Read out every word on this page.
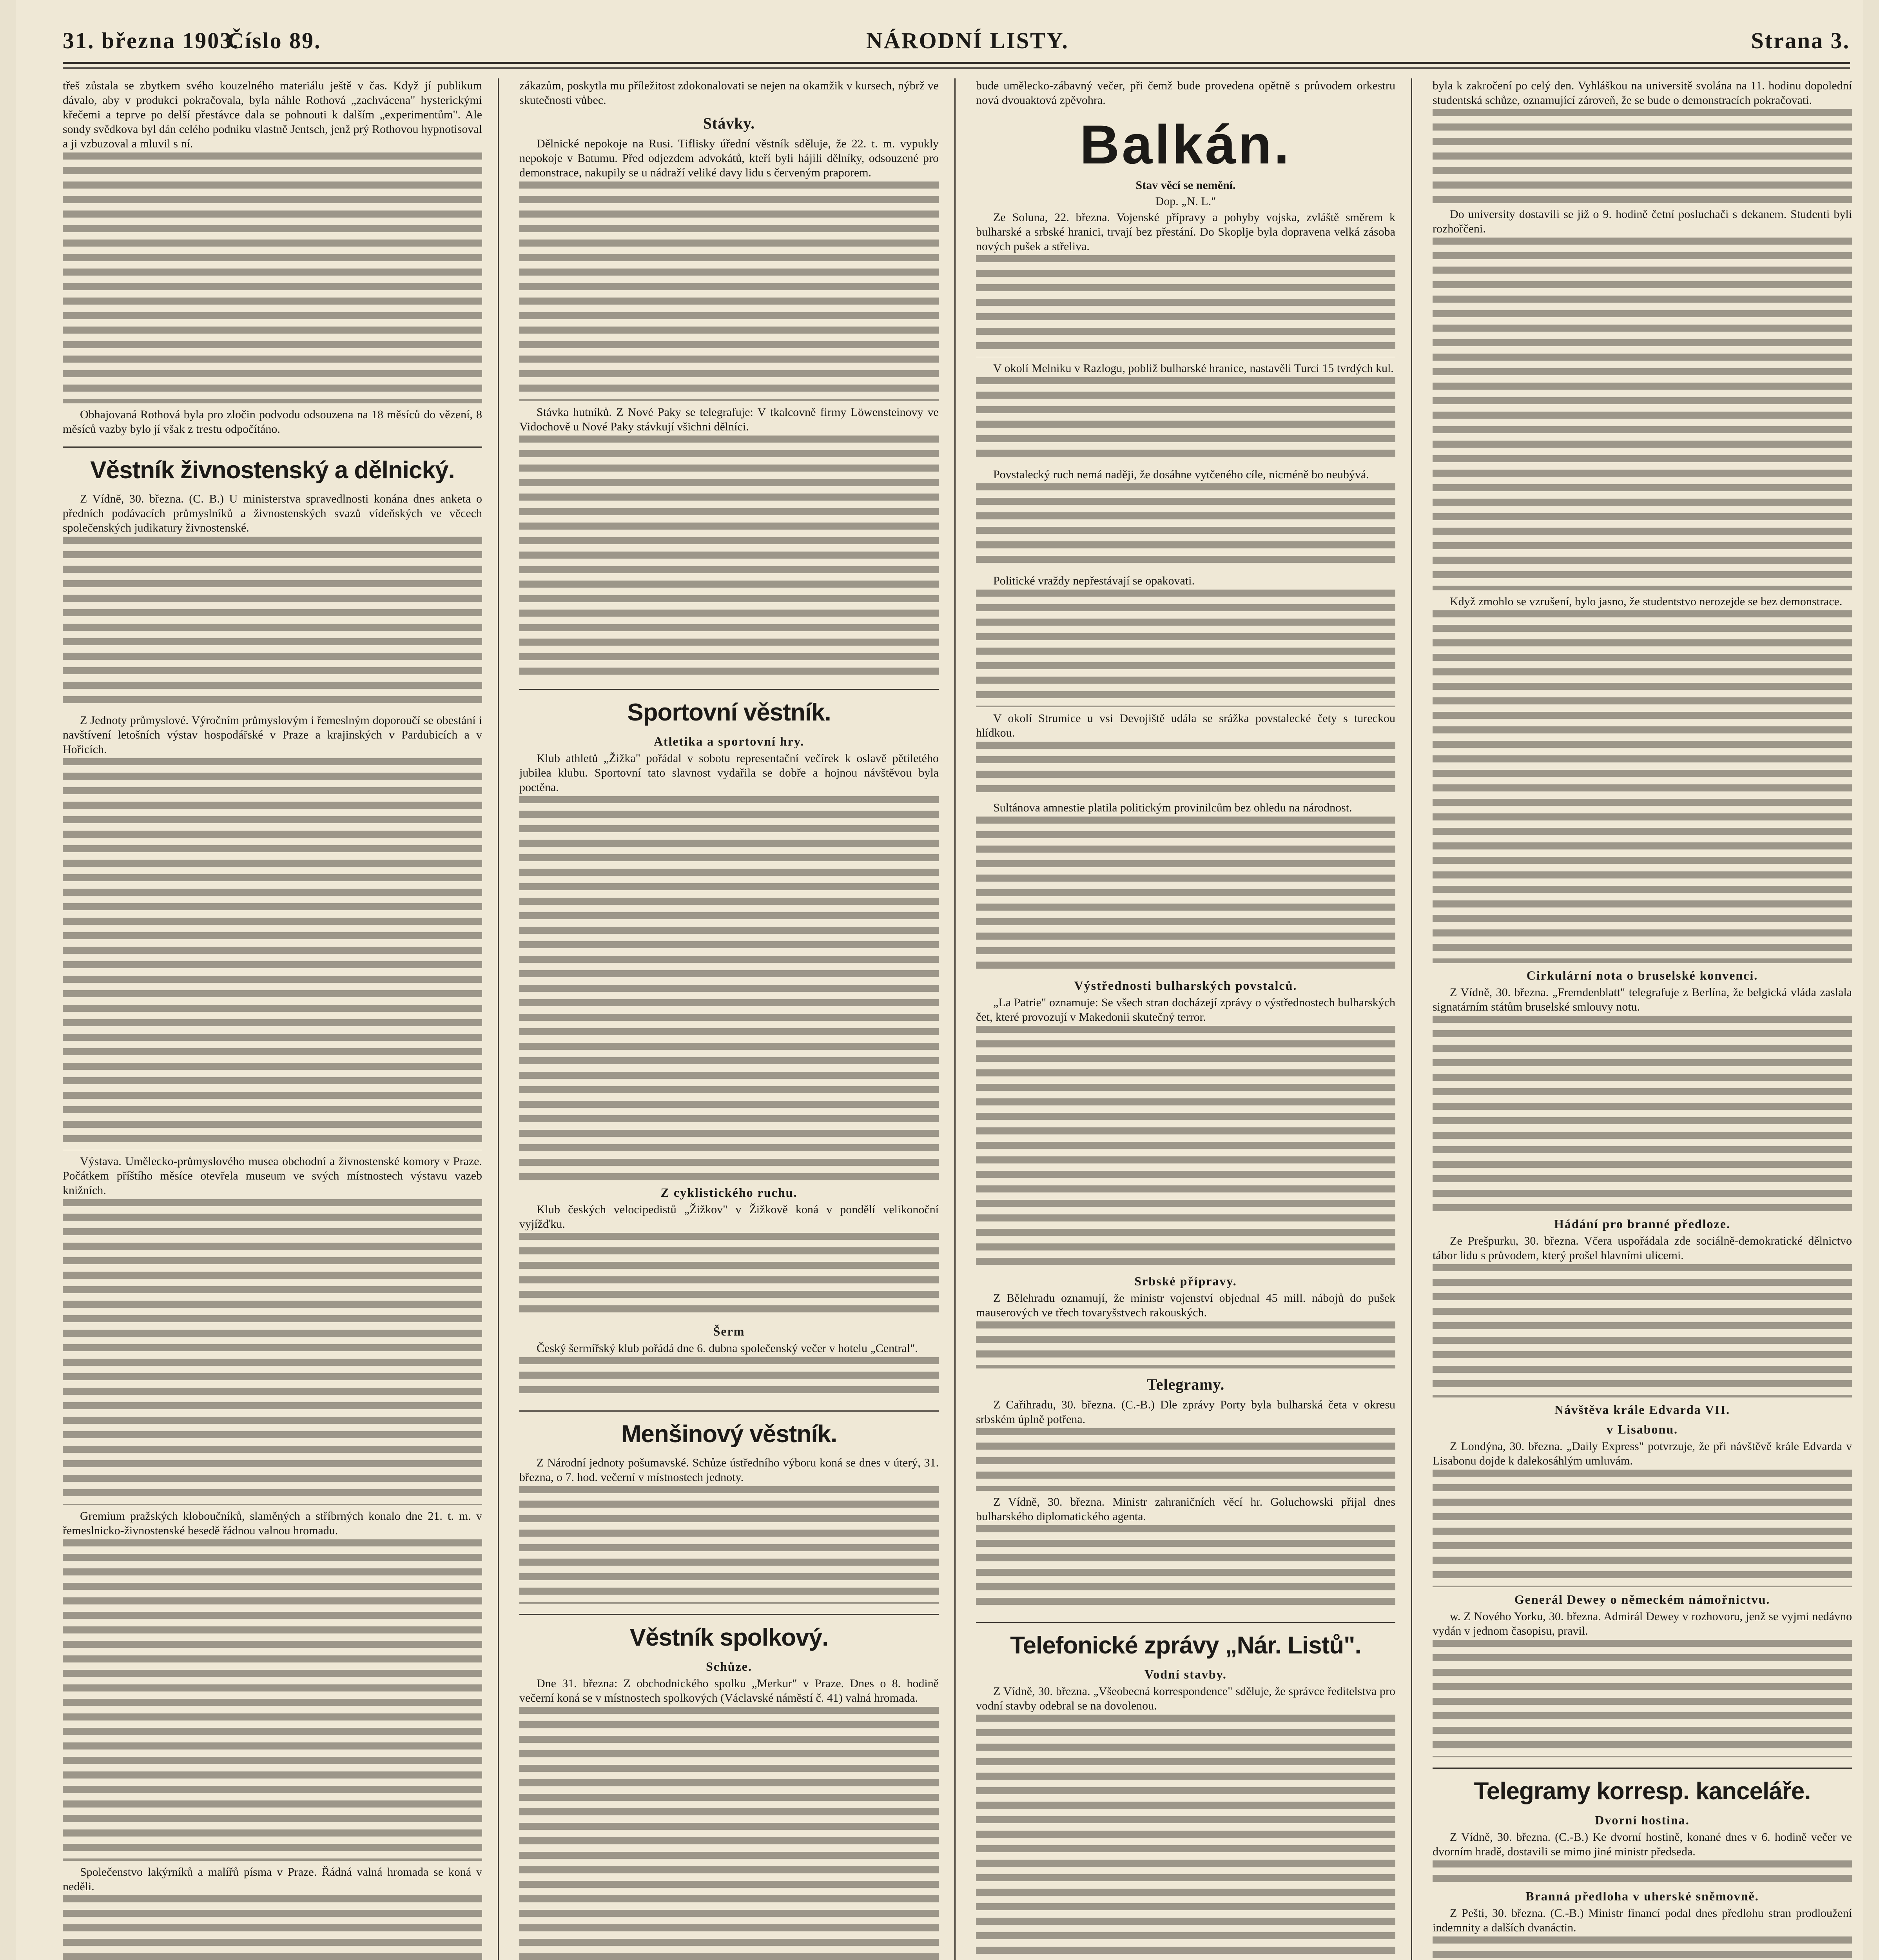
31. března 1903.
Číslo 89.	NÁRODNÍ LISTY.	Strana 3.

třeš zůstala se zbytkem svého kouzelného materiálu ještě v čas. Když jí publikum dávalo, aby v produkci pokračovala, byla náhle Rothová „zachvácena" hysterickými křečemi a teprve po delší přestávce dala se pohnouti k dalším „experimentům". Ale sondy svědkova byl dán celého podniku vlastně Jentsch, jenž prý Rothovou hypnotisoval a ji vzbuzoval a mluvil s ní.

Obhajovaná Rothová byla pro zločin podvodu odsouzena na 18 měsíců do vězení, 8 měsíců vazby bylo jí však z trestu odpočítáno.

Věstník živnostenský a dělnický.

Z Vídně, 30. března. (C. B.) U ministerstva spravedlnosti konána dnes anketa o předních podávacích průmyslníků a živnostenských svazů vídeňských ve věcech společenských judikatury živnostenské.

Z Jednoty průmyslové. Výročním průmyslovým i řemeslným doporoučí se obestání i navštívení letošních výstav hospodářské v Praze a krajinských v Pardubicích a v Hořicích.

Výstava. Umělecko-průmyslového musea obchodní a živnostenské komory v Praze. Počátkem příštího měsíce otevřela museum ve svých místnostech výstavu vazeb knižních.

Gremium pražských kloboučníků, slaměných a stříbrných konalo dne 21. t. m. v řemeslnicko-živnostenské besedě řádnou valnou hromadu.

Společenstvo lakýrníků a malířů písma v Praze. Řádná valná hromada se koná v neděli.

zákazům, poskytla mu příležitost zdokonalovati se nejen na okamžik v kursech, nýbrž ve skutečnosti vůbec.

Stávky.

Dělnické nepokoje na Rusi. Tiflisky úřední věstník sděluje, že 22. t. m. vypukly nepokoje v Batumu. Před odjezdem advokátů, kteří byli hájili dělníky, odsouzené pro demonstrace, nakupily se u nádraží veliké davy lidu s červeným praporem.

Stávka hutníků. Z Nové Paky se telegrafuje: V tkalcovně firmy Löwensteinovy ve Vidochově u Nové Paky stávkují všichni dělníci.

Sportovní věstník.
Atletika a sportovní hry.

Klub athletů „Žižka" pořádal v sobotu representační večírek k oslavě pětiletého jubilea klubu. Sportovní tato slavnost vydařila se dobře a hojnou návštěvou byla poctěna.

Z cyklistického ruchu.

Klub českých velocipedistů „Žižkov" v Žižkově koná v pondělí velikonoční vyjížďku.

Šerm

Český šermířský klub pořádá dne 6. dubna společenský večer v hotelu „Central".

Menšinový věstník.

Z Národní jednoty pošumavské. Schůze ústředního výboru koná se dnes v úterý, 31. března, o 7. hod. večerní v místnostech jednoty.

Věstník spolkový.
Schůze.

Dne 31. března: Z obchodnického spolku „Merkur" v Praze. Dnes o 8. hodině večerní koná se v místnostech spolkových (Václavské náměstí č. 41) valná hromada.

bude umělecko-zábavný večer, při čemž bude provedena opětně s průvodem orkestru nová dvouaktová zpěvohra.

Balkán.

Stav věcí se nemění.

Dop. „N. L."

Ze Soluna, 22. března. Vojenské přípravy a pohyby vojska, zvláště směrem k bulharské a srbské hranici, trvají bez přestání. Do Skoplje byla dopravena velká zásoba nových pušek a střeliva.

V okolí Melniku v Razlogu, pobliž bulharské hranice, nastavěli Turci 15 tvrdých kul.

Povstalecký ruch nemá naději, že dosáhne vytčeného cíle, nicméně bo neubývá.

Politické vraždy nepřestávají se opakovati.

V okolí Strumice u vsi Devojiště udála se srážka povstalecké čety s tureckou hlídkou.

Sultánova amnestie platila politickým provinilcům bez ohledu na národnost.

Výstřednosti bulharských povstalců.

„La Patrie" oznamuje: Se všech stran docházejí zprávy o výstřednostech bulharských čet, které provozují v Makedonii skutečný terror.

Srbské přípravy.

Z Bělehradu oznamují, že ministr vojenství objednal 45 mill. nábojů do pušek mauserových ve třech tovaryšstvech rakouských.

Telegramy.

Z Cařihradu, 30. března. (C.-B.) Dle zprávy Porty byla bulharská četa v okresu srbském úplně potřena.

Z Vídně, 30. března. Ministr zahraničních věcí hr. Goluchowski přijal dnes bulharského diplomatického agenta.

Telefonické zprávy „Nár. Listů".
Vodní stavby.

Z Vídně, 30. března. „Všeobecná korrespondence" sděluje, že správce ředitelstva pro vodní stavby odebral se na dovolenou.

byla k zakročení po celý den. Vyhláškou na universitě svolána na 11. hodinu dopolední studentská schůze, oznamující zároveň, že se bude o demonstracích pokračovati.

Do university dostavili se již o 9. hodině četní posluchači s dekanem. Studenti byli rozhořčeni.

Když zmohlo se vzrušení, bylo jasno, že studentstvo nerozejde se bez demonstrace.

Cirkulární nota o bruselské konvenci.

Z Vídně, 30. března. „Fremdenblatt" telegrafuje z Berlína, že belgická vláda zaslala signatárním státům bruselské smlouvy notu.

Hádání pro branné předloze.

Ze Prešpurku, 30. března. Včera uspořádala zde sociálně-demokratické dělnictvo tábor lidu s průvodem, který prošel hlavními ulicemi.

Návštěva krále Edvarda VII.
v Lisabonu.

Z Londýna, 30. března. „Daily Express" potvrzuje, že při návštěvě krále Edvarda v Lisabonu dojde k dalekosáhlým umluvám.

Generál Dewey o německém námořnictvu.

w. Z Nového Yorku, 30. března. Admirál Dewey v rozhovoru, jenž se vyjmi nedávno vydán v jednom časopisu, pravil.

Telegramy korresp. kanceláře.
Dvorní hostina.

Z Vídně, 30. března. (C.-B.) Ke dvorní hostině, konané dnes v 6. hodině večer ve dvorním hradě, dostavili se mimo jiné ministr předseda.

Branná předloha v uherské sněmovně.

Z Pešti, 30. března. (C.-B.) Ministr financí podal dnes předlohu stran prodloužení indemnity a dalších dvanáctin.
